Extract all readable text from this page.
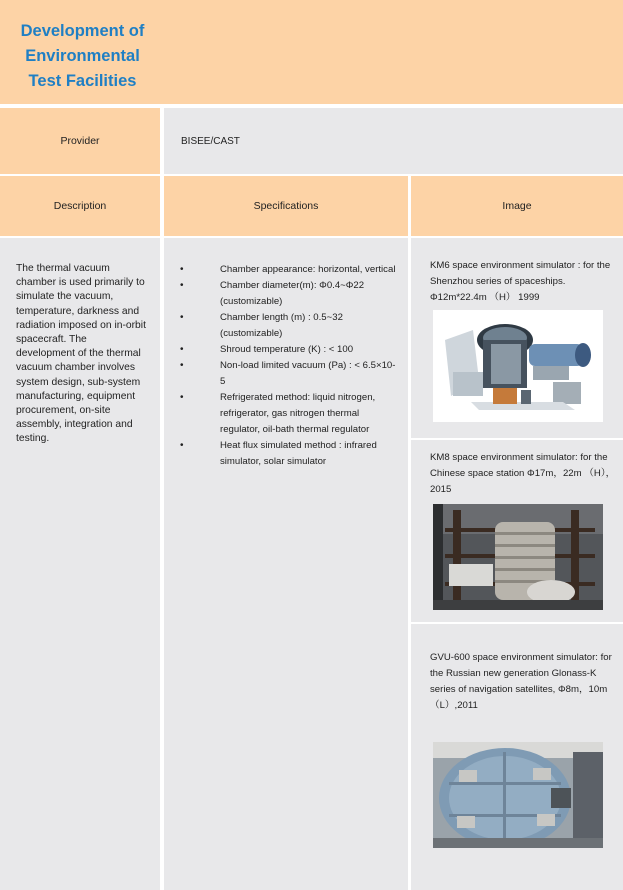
Development of Environmental Test Facilities
Provider	BISEE/CAST
Description	Specifications	Image

The thermal vacuum chamber is used primarily to simulate the vacuum, temperature, darkness and radiation imposed on in-orbit spacecraft. The development of the thermal vacuum chamber involves system design, sub-system manufacturing, equipment procurement, on-site assembly, integration and testing.

• Chamber appearance: horizontal, vertical
• Chamber diameter(m): Φ0.4~Φ22 (customizable)
• Chamber length (m) : 0.5~32 (customizable)
• Shroud temperature (K) : < 100
• Non-load limited vacuum (Pa) : < 6.5×10-5
• Refrigerated method: liquid nitrogen, refrigerator, gas nitrogen thermal regulator, oil-bath thermal regulator
• Heat flux simulated method : infrared simulator, solar simulator

KM6 space environment simulator : for the Shenzhou series of spaceships. Φ12m*22.4m （H） 1999

KM8 space environment simulator: for the Chinese space station Φ17m，22m （H），2015

GVU-600 space environment simulator: for the Russian new generation Glonass-K series of navigation satellites, Φ8m，10m （L）,2011
